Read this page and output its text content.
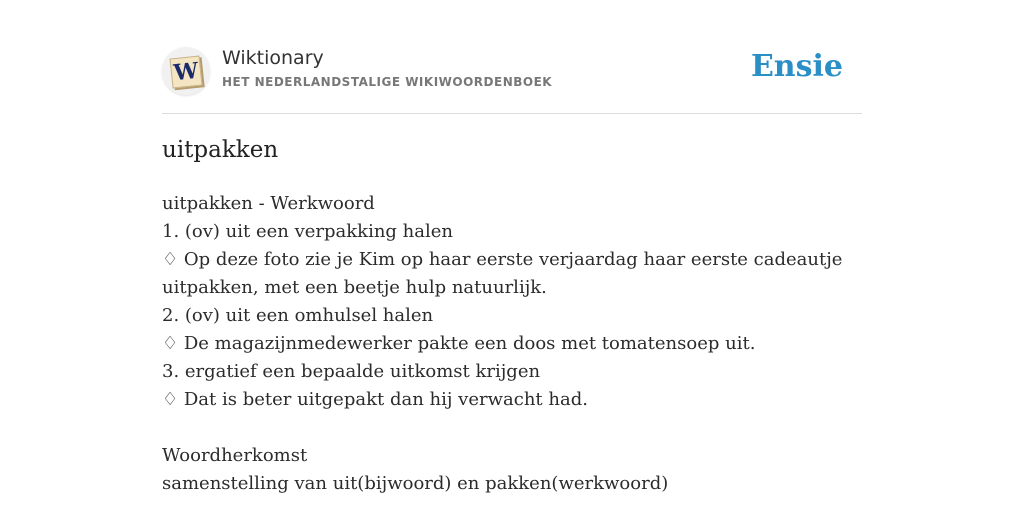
W Wiktionary
HET NEDERLANDSTALIGE WIKIWOORDENBOEK	Ensie
uitpakken
uitpakken - Werkwoord
1. (ov) uit een verpakking halen
♢ Op deze foto zie je Kim op haar eerste verjaardag haar eerste cadeautje
uitpakken, met een beetje hulp natuurlijk.
2. (ov) uit een omhulsel halen
♢ De magazijnmedewerker pakte een doos met tomatensoep uit.
3. ergatief een bepaalde uitkomst krijgen
♢ Dat is beter uitgepakt dan hij verwacht had.
Woordherkomst
samenstelling van uit(bijwoord) en pakken(werkwoord)
